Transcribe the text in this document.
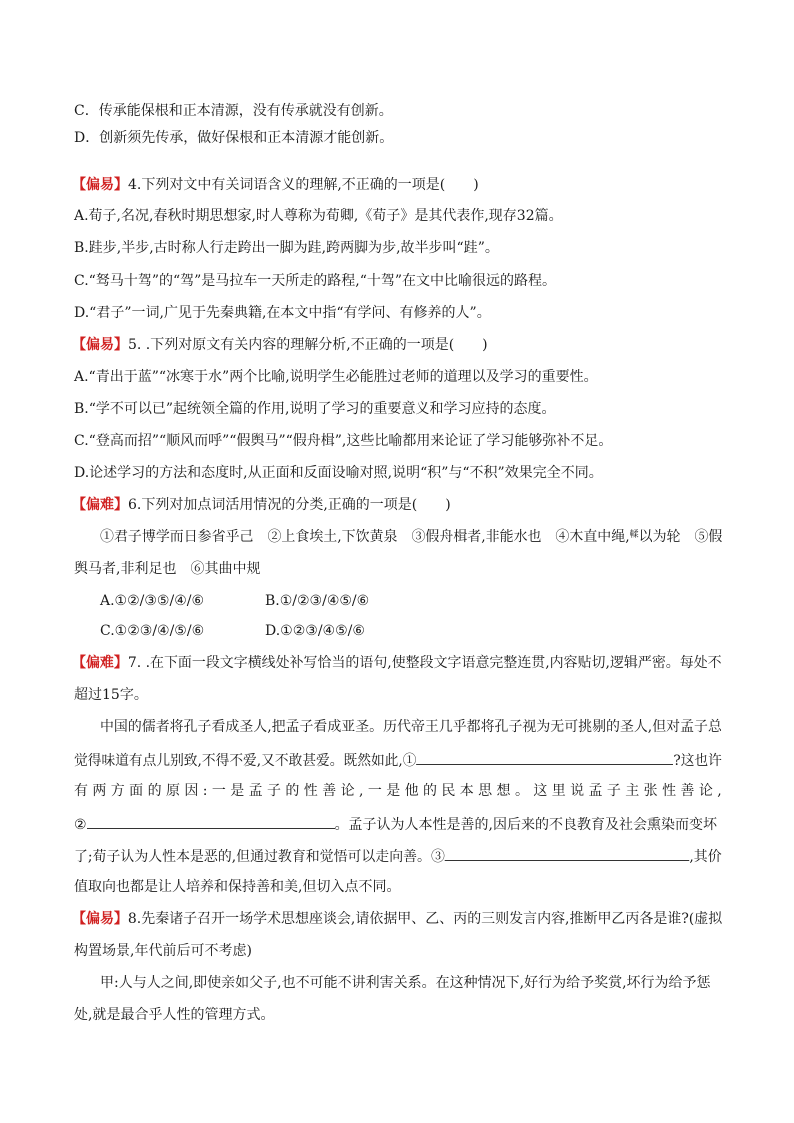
C．传承能保根和正本清源，没有传承就没有创新。
D．创新须先传承，做好保根和正本清源才能创新。
【偏易】4.下列对文中有关词语含义的理解,不正确的一项是(　　)
A.荀子,名况,春秋时期思想家,时人尊称为荀卿,《荀子》是其代表作,现存32篇。
B.跬步,半步,古时称人行走跨出一脚为跬,跨两脚为步,故半步叫“跬”。
C.“驽马十驾”的“驾”是马拉车一天所走的路程,“十驾”在文中比喻很远的路程。
D.“君子”一词,广见于先秦典籍,在本文中指“有学问、有修养的人”。
【偏易】5. .下列对原文有关内容的理解分析,不正确的一项是(　　)
A.“青出于蓝”“冰寒于水”两个比喻,说明学生必能胜过老师的道理以及学习的重要性。
B.“学不可以已”起统领全篇的作用,说明了学习的重要意义和学习应持的态度。
C.“登高而招”“顺风而呼”“假舆马”“假舟楫”,这些比喻都用来论证了学习能够弥补不足。
D.论述学习的方法和态度时,从正面和反面设喻对照,说明“积”与“不积”效果完全不同。
【偏难】6.下列对加点词活用情况的分类,正确的一项是(　　)
①君子博学而日参省乎己　②上食埃土,下饮黄泉　③假舟楫者,非能水也　④木直中绳,$^輮$以为轮　⑤假
舆马者,非利足也　⑥其曲中规
A.①②/③⑤/④/⑥	B.①/②③/④⑤/⑥
C.①②③/④/⑤/⑥	D.①②③/④⑤/⑥
【偏难】7. .在下面一段文字横线处补写恰当的语句,使整段文字语意完整连贯,内容贴切,逻辑严密。每处不
超过15字。
中国的儒者将孔子看成圣人,把孟子看成亚圣。历代帝王几乎都将孔子视为无可挑剔的圣人,但对孟子总
觉得味道有点儿别致,不得不爱,又不敢甚爱。既然如此,①	?这也许
有 两 方 面 的 原 因 : 一 是 孟 子 的 性 善 论 , 一 是 他 的 民 本 思 想 。 这 里 说 孟 子 主 张 性 善 论 ,
②	。孟子认为人本性是善的,因后来的不良教育及社会熏染而变坏
了;荀子认为人性本是恶的,但通过教育和觉悟可以走向善。③	,其价
值取向也都是让人培养和保持善和美,但切入点不同。
【偏易】8.先秦诸子召开一场学术思想座谈会,请依据甲、乙、丙的三则发言内容,推断甲乙丙各是谁?(虚拟
构置场景,年代前后可不考虑)
甲:人与人之间,即使亲如父子,也不可能不讲利害关系。在这种情况下,好行为给予奖赏,坏行为给予惩
处,就是最合乎人性的管理方式。
